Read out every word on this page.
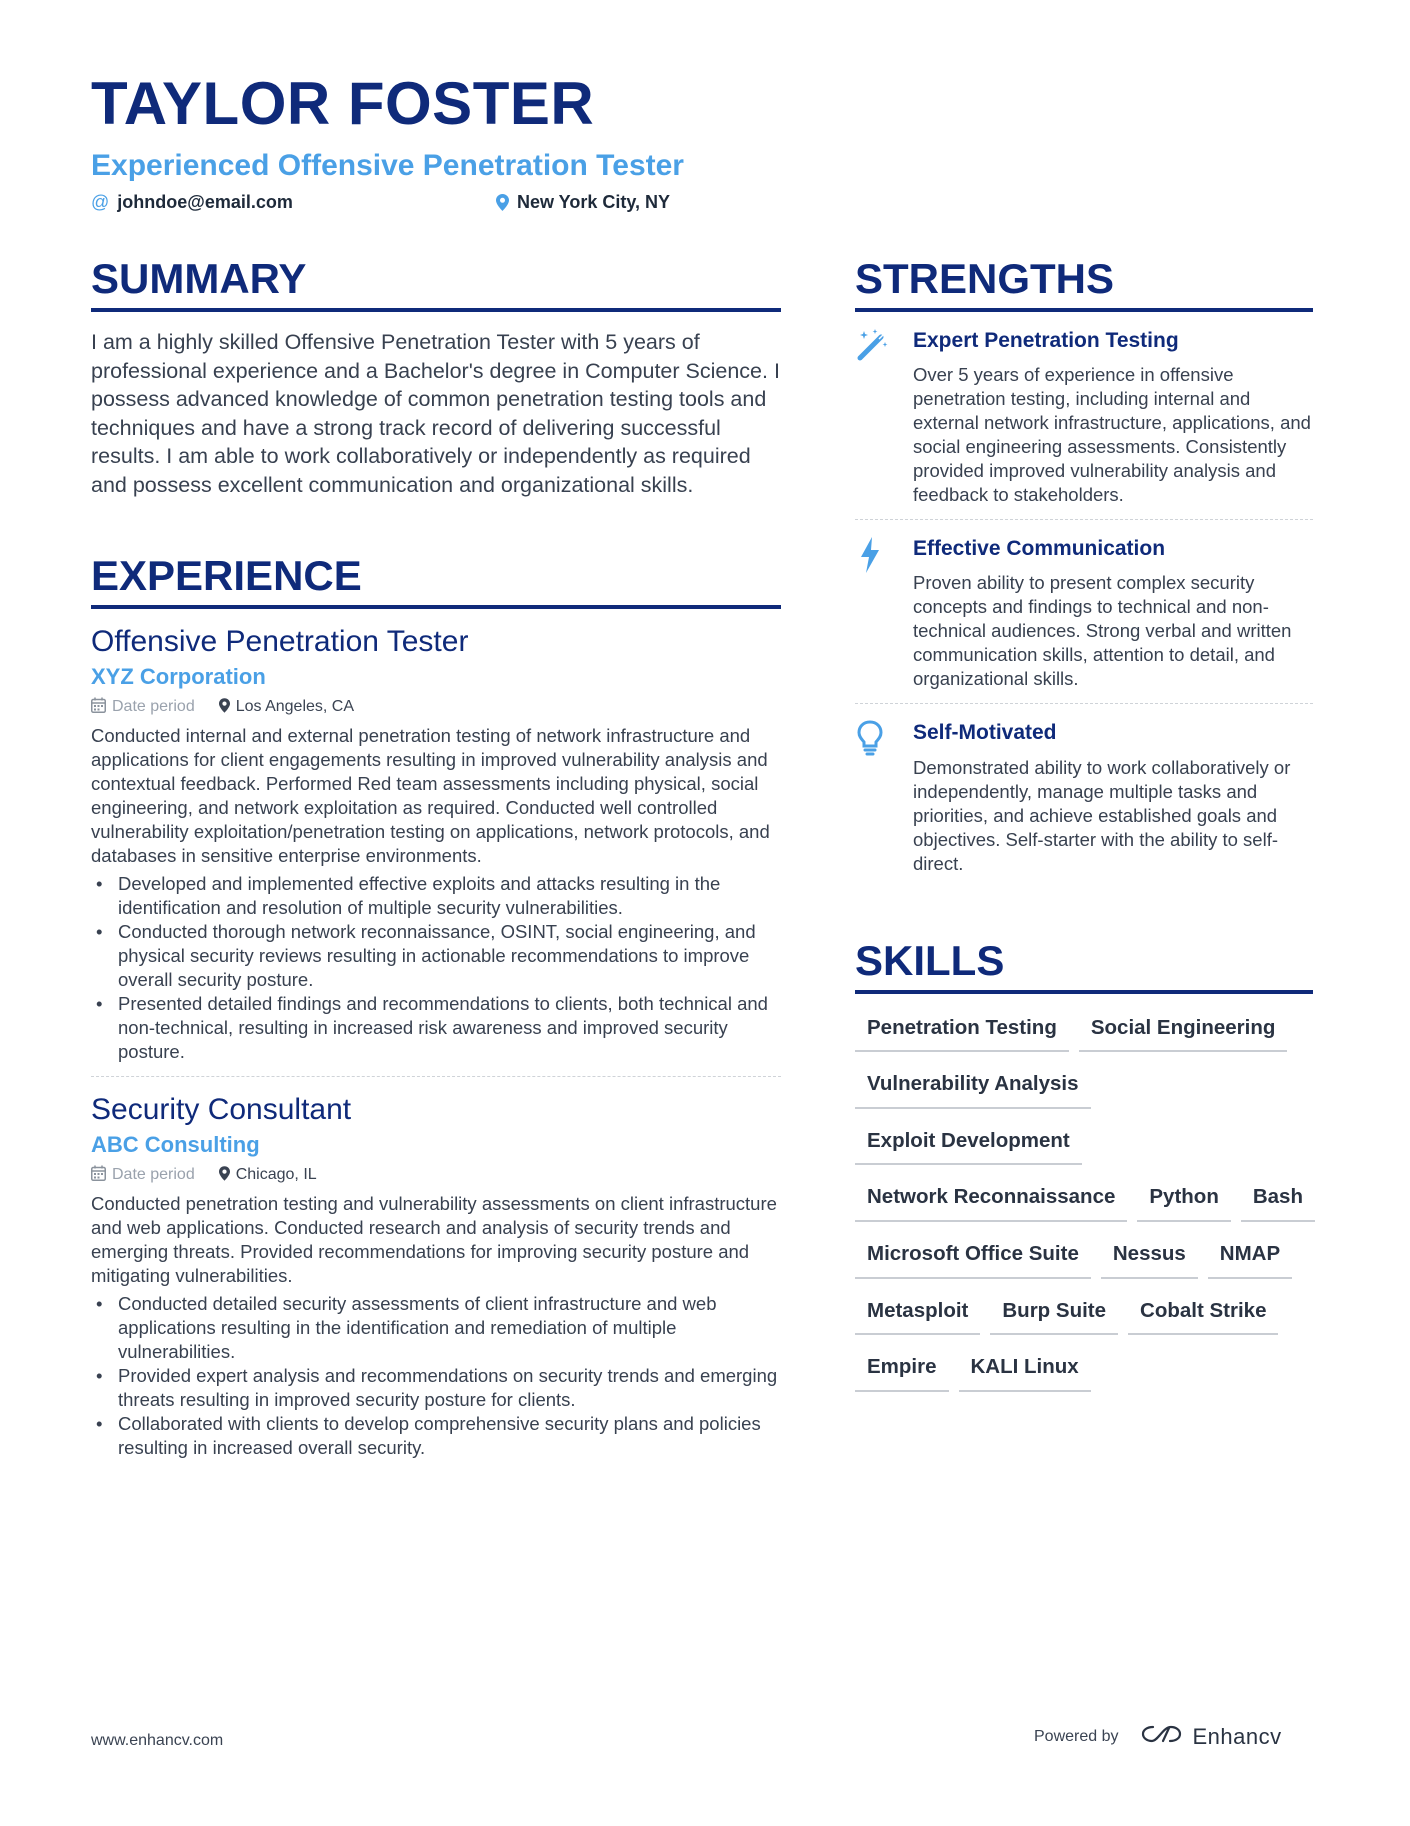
TAYLOR FOSTER
Experienced Offensive Penetration Tester
@ johndoe@email.com	New York City, NY
SUMMARY
I am a highly skilled Offensive Penetration Tester with 5 years of professional experience and a Bachelor's degree in Computer Science. I possess advanced knowledge of common penetration testing tools and techniques and have a strong track record of delivering successful results. I am able to work collaboratively or independently as required and possess excellent communication and organizational skills.
EXPERIENCE
Offensive Penetration Tester
XYZ Corporation
Date period	Los Angeles, CA
Conducted internal and external penetration testing of network infrastructure and applications for client engagements resulting in improved vulnerability analysis and contextual feedback. Performed Red team assessments including physical, social engineering, and network exploitation as required. Conducted well controlled vulnerability exploitation/penetration testing on applications, network protocols, and databases in sensitive enterprise environments.
• Developed and implemented effective exploits and attacks resulting in the identification and resolution of multiple security vulnerabilities.
• Conducted thorough network reconnaissance, OSINT, social engineering, and physical security reviews resulting in actionable recommendations to improve overall security posture.
• Presented detailed findings and recommendations to clients, both technical and non-technical, resulting in increased risk awareness and improved security posture.
Security Consultant
ABC Consulting
Date period	Chicago, IL
Conducted penetration testing and vulnerability assessments on client infrastructure and web applications. Conducted research and analysis of security trends and emerging threats. Provided recommendations for improving security posture and mitigating vulnerabilities.
• Conducted detailed security assessments of client infrastructure and web applications resulting in the identification and remediation of multiple vulnerabilities.
• Provided expert analysis and recommendations on security trends and emerging threats resulting in improved security posture for clients.
• Collaborated with clients to develop comprehensive security plans and policies resulting in increased overall security.
STRENGTHS
Expert Penetration Testing
Over 5 years of experience in offensive penetration testing, including internal and external network infrastructure, applications, and social engineering assessments. Consistently provided improved vulnerability analysis and feedback to stakeholders.
Effective Communication
Proven ability to present complex security concepts and findings to technical and non-technical audiences. Strong verbal and written communication skills, attention to detail, and organizational skills.
Self-Motivated
Demonstrated ability to work collaboratively or independently, manage multiple tasks and priorities, and achieve established goals and objectives. Self-starter with the ability to self-direct.
SKILLS
Penetration Testing	Social Engineering
Vulnerability Analysis
Exploit Development
Network Reconnaissance	Python	Bash
Microsoft Office Suite	Nessus	NMAP
Metasploit	Burp Suite	Cobalt Strike
Empire	KALI Linux
www.enhancv.com	Powered by	Enhancv
